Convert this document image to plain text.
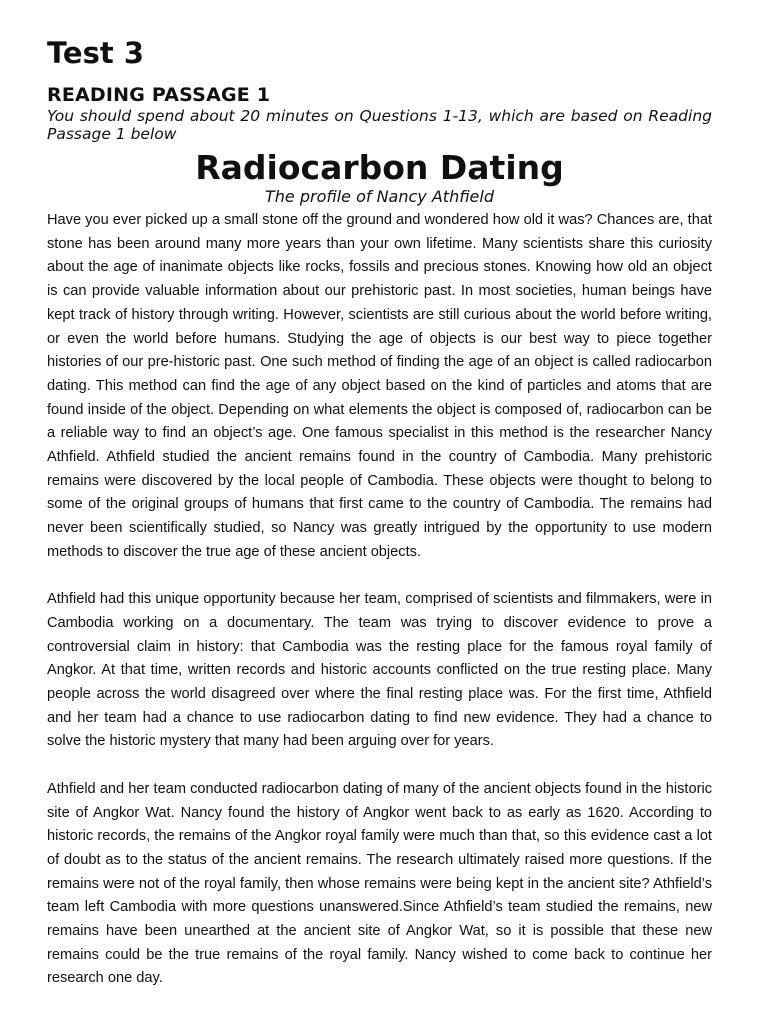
Test 3
READING PASSAGE 1

You should spend about 20 minutes on Questions 1-13, which are based on Reading Passage 1 below

Radiocarbon Dating

The profile of Nancy Athfield

Have you ever picked up a small stone off the ground and wondered how old it was? Chances are, that stone has been around many more years than your own lifetime. Many scientists share this curiosity about the age of inanimate objects like rocks, fossils and precious stones. Knowing how old an object is can provide valuable information about our prehistoric past. In most societies, human beings have kept track of history through writing. However, scientists are still curious about the world before writing, or even the world before humans. Studying the age of objects is our best way to piece together histories of our pre-historic past. One such method of finding the age of an object is called radiocarbon dating. This method can find the age of any object based on the kind of particles and atoms that are found inside of the object. Depending on what elements the object is composed of, radiocarbon can be a reliable way to find an object’s age. One famous specialist in this method is the researcher Nancy Athfield. Athfield studied the ancient remains found in the country of Cambodia. Many prehistoric remains were discovered by the local people of Cambodia. These objects were thought to belong to some of the original groups of humans that first came to the country of Cambodia. The remains had never been scientifically studied, so Nancy was greatly intrigued by the opportunity to use modern methods to discover the true age of these ancient objects.

Athfield had this unique opportunity because her team, comprised of scientists and filmmakers, were in Cambodia working on a documentary. The team was trying to discover evidence to prove a controversial claim in history: that Cambodia was the resting place for the famous royal family of Angkor. At that time, written records and historic accounts conflicted on the true resting place. Many people across the world disagreed over where the final resting place was. For the first time, Athfield and her team had a chance to use radiocarbon dating to find new evidence. They had a chance to solve the historic mystery that many had been arguing over for years.

Athfield and her team conducted radiocarbon dating of many of the ancient objects found in the historic site of Angkor Wat. Nancy found the history of Angkor went back to as early as 1620. According to historic records, the remains of the Angkor royal family were much than that, so this evidence cast a lot of doubt as to the status of the ancient remains. The research ultimately raised more questions. If the remains were not of the royal family, then whose remains were being kept in the ancient site? Athfield’s team left Cambodia with more questions unanswered.Since Athfield’s team studied the remains, new remains have been unearthed at the ancient site of Angkor Wat, so it is possible that these new remains could be the true remains of the royal family. Nancy wished to come back to continue her research one day.
